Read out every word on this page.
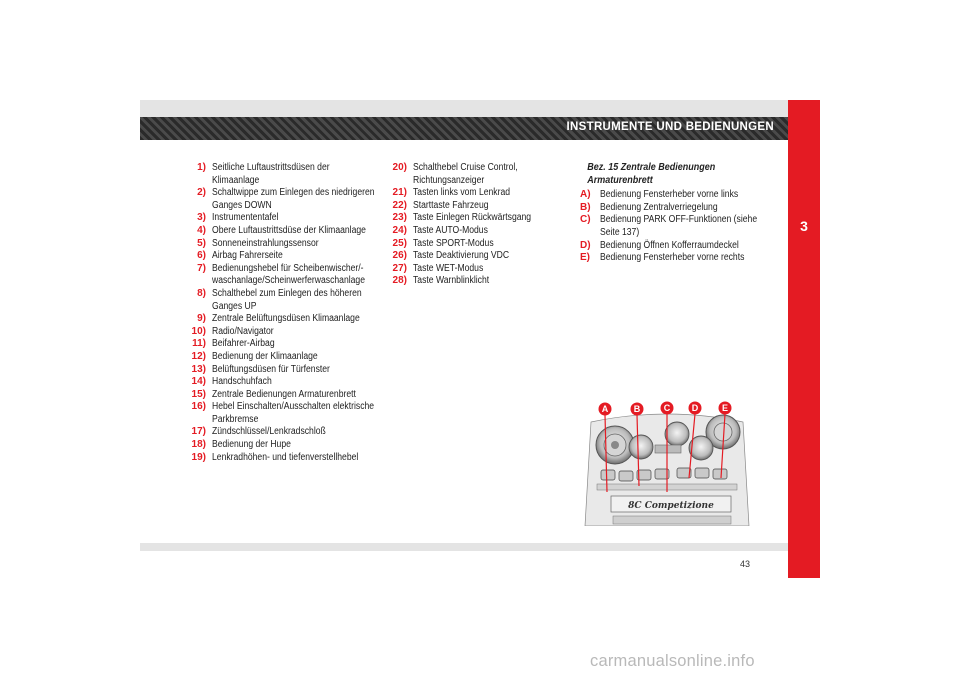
INSTRUMENTE UND BEDIENUNGEN
3
1) Seitliche Luftaustrittsdüsen der
Klimaanlage
2) Schaltwippe zum Einlegen des niedrigeren
Ganges DOWN
3) Instrumententafel
4) Obere Luftaustrittsdüse der Klimaanlage
5) Sonneneinstrahlungssensor
6) Airbag Fahrerseite
7) Bedienungshebel für Scheibenwischer/-
waschanlage/Scheinwerferwaschanlage
8) Schalthebel zum Einlegen des höheren
Ganges UP
9) Zentrale Belüftungsdüsen Klimaanlage
10) Radio/Navigator
11) Beifahrer-Airbag
12) Bedienung der Klimaanlage
13) Belüftungsdüsen für Türfenster
14) Handschuhfach
15) Zentrale Bedienungen Armaturenbrett
16) Hebel Einschalten/Ausschalten elektrische
Parkbremse
17) Zündschlüssel/Lenkradschloß
18) Bedienung der Hupe
19) Lenkradhöhen- und tiefenverstellhebel
20) Schalthebel Cruise Control,
Richtungsanzeiger
21) Tasten links vom Lenkrad
22) Starttaste Fahrzeug
23) Taste Einlegen Rückwärtsgang
24) Taste AUTO-Modus
25) Taste SPORT-Modus
26) Taste Deaktivierung VDC
27) Taste WET-Modus
28) Taste Warnblinklicht
Bez. 15 Zentrale Bedienungen
Armaturenbrett
A) Bedienung Fensterheber vorne links
B) Bedienung Zentralverriegelung
C) Bedienung PARK OFF-Funktionen (siehe
Seite 137)
D) Bedienung Öffnen Kofferraumdeckel
E)	Bedienung Fensterheber vorne rechts
8C Competizione
A	B	C D	E
43
carmanualsonline.info
